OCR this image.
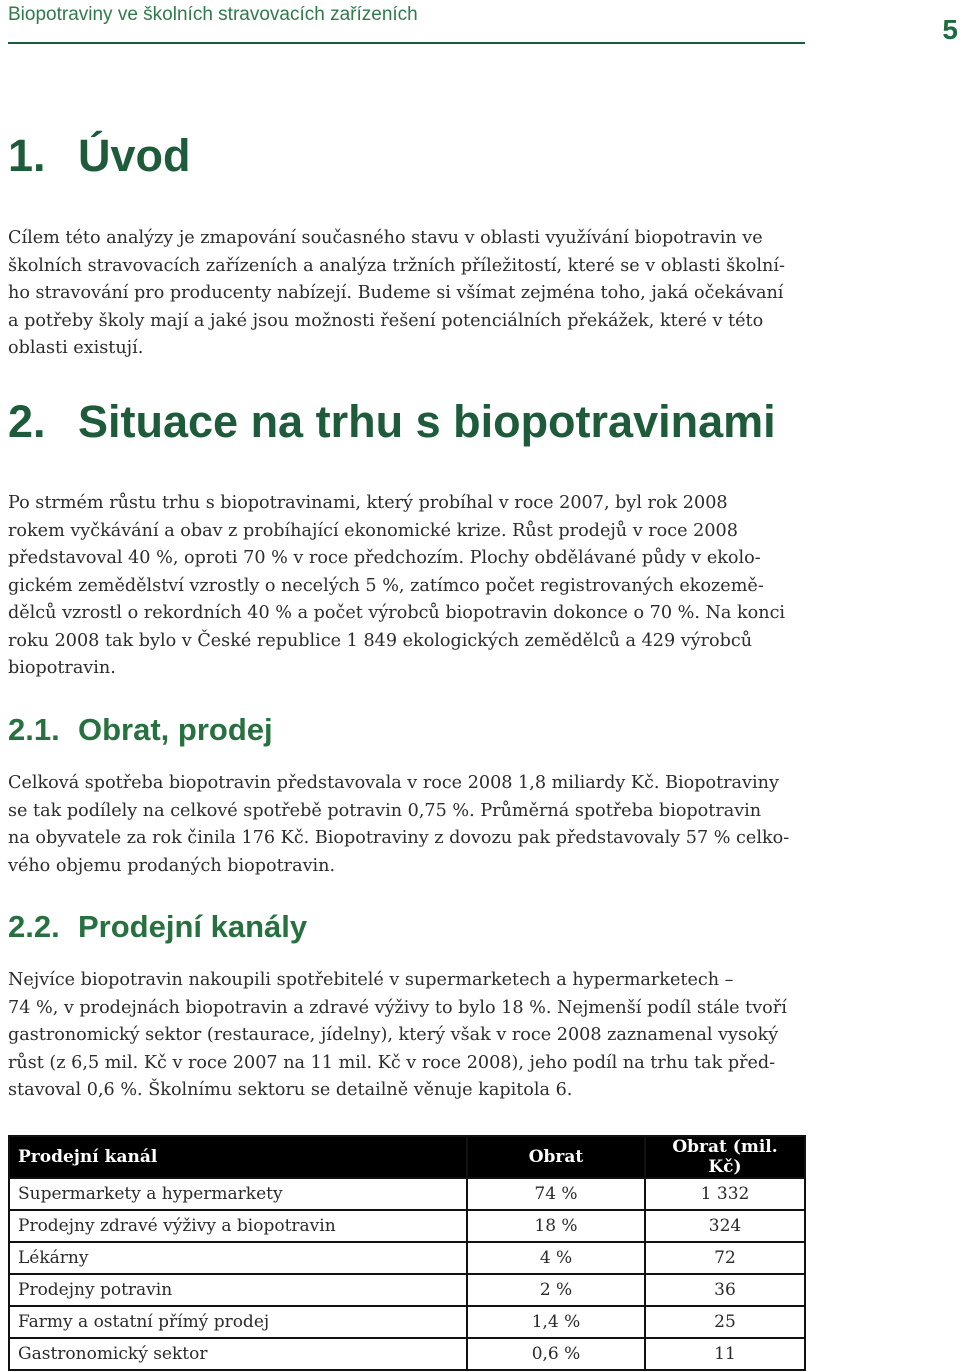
Biopotraviny ve školních stravovacích zařízeních	5
1. Úvod
Cílem této analýzy je zmapování současného stavu v oblasti využívání biopotravin ve
školních stravovacích zařízeních a analýza tržních příležitostí, které se v oblasti školní-
ho stravování pro producenty nabízejí. Budeme si všímat zejména toho, jaká očekávaní
a potřeby školy mají a jaké jsou možnosti řešení potenciálních překážek, které v této
oblasti existují.
2. Situace na trhu s biopotravinami
Po strmém růstu trhu s biopotravinami, který probíhal v roce 2007, byl rok 2008
rokem vyčkávání a obav z probíhající ekonomické krize. Růst prodejů v roce 2008
představoval 40 %, oproti 70 % v roce předchozím. Plochy obdělávané půdy v ekolo-
gickém zemědělství vzrostly o necelých 5 %, zatímco počet registrovaných ekozemě-
dělců vzrostl o rekordních 40 % a počet výrobců biopotravin dokonce o 70 %. Na konci
roku 2008 tak bylo v České republice 1 849 ekologických zemědělců a 429 výrobců
biopotravin.
2.1. Obrat, prodej
Celková spotřeba biopotravin představovala v roce 2008 1,8 miliardy Kč. Biopotraviny
se tak podílely na celkové spotřebě potravin 0,75 %. Průměrná spotřeba biopotravin
na obyvatele za rok činila 176 Kč. Biopotraviny z dovozu pak představovaly 57 % celko-
vého objemu prodaných biopotravin.
2.2. Prodejní kanály
Nejvíce biopotravin nakoupili spotřebitelé v supermarketech a hypermarketech –
74 %, v prodejnách biopotravin a zdravé výživy to bylo 18 %. Nejmenší podíl stále tvoří
gastronomický sektor (restaurace, jídelny), který však v roce 2008 zaznamenal vysoký
růst (z 6,5 mil. Kč v roce 2007 na 11 mil. Kč v roce 2008), jeho podíl na trhu tak před-
stavoval 0,6 %. Školnímu sektoru se detailně věnuje kapitola 6.
Prodejní kanál	Obrat	Obrat (mil. Kč)
Supermarkety a hypermarkety	74 %	1 332
Prodejny zdravé výživy a biopotravin	18 %	324
Lékárny	4 %	72
Prodejny potravin	2 %	36
Farmy a ostatní přímý prodej	1,4 %	25
Gastronomický sektor	0,6 %	11
